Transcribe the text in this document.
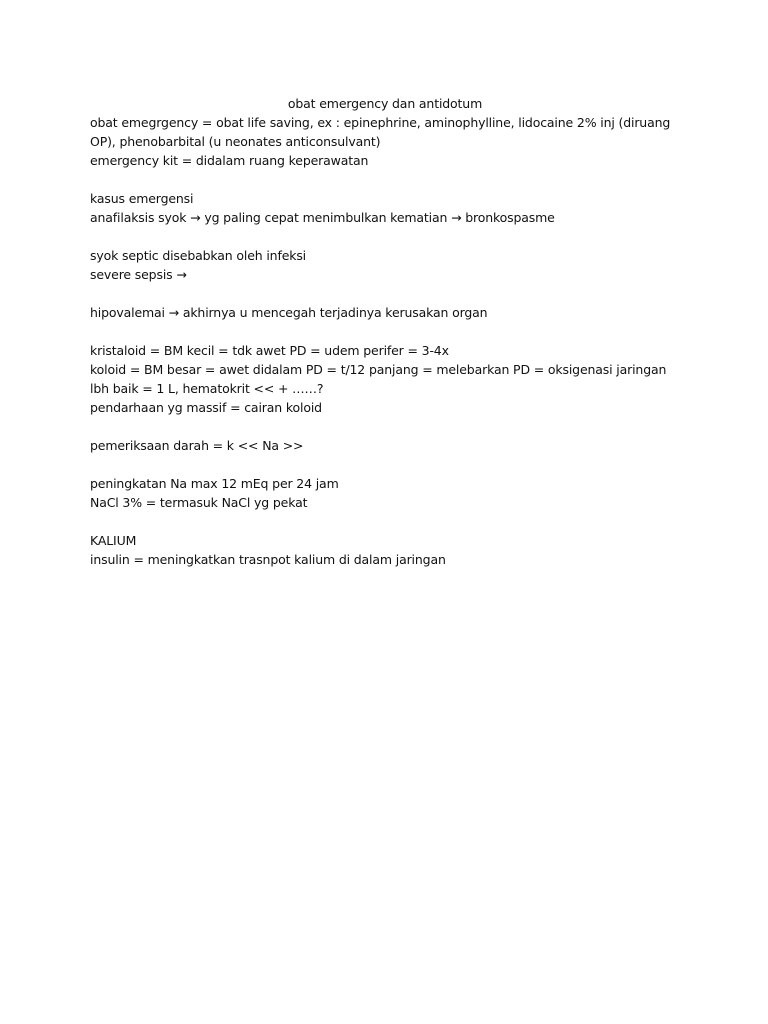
obat emergency dan antidotum
obat emegrgency = obat life saving, ex : epinephrine, aminophylline, lidocaine 2% inj (diruang
OP), phenobarbital (u neonates anticonsulvant)
emergency kit = didalam ruang keperawatan
kasus emergensi
anafilaksis syok → yg paling cepat menimbulkan kematian → bronkospasme
syok septic disebabkan oleh infeksi
severe sepsis →
hipovalemai → akhirnya u mencegah terjadinya kerusakan organ
kristaloid = BM kecil = tdk awet PD = udem perifer = 3-4x
koloid = BM besar = awet didalam PD = t/12 panjang = melebarkan PD = oksigenasi jaringan
lbh baik = 1 L, hematokrit << + ……?
pendarhaan yg massif = cairan koloid
pemeriksaan darah = k << Na >>
peningkatan Na max 12 mEq per 24 jam
NaCl 3% = termasuk NaCl yg pekat
KALIUM
insulin = meningkatkan trasnpot kalium di dalam jaringan
